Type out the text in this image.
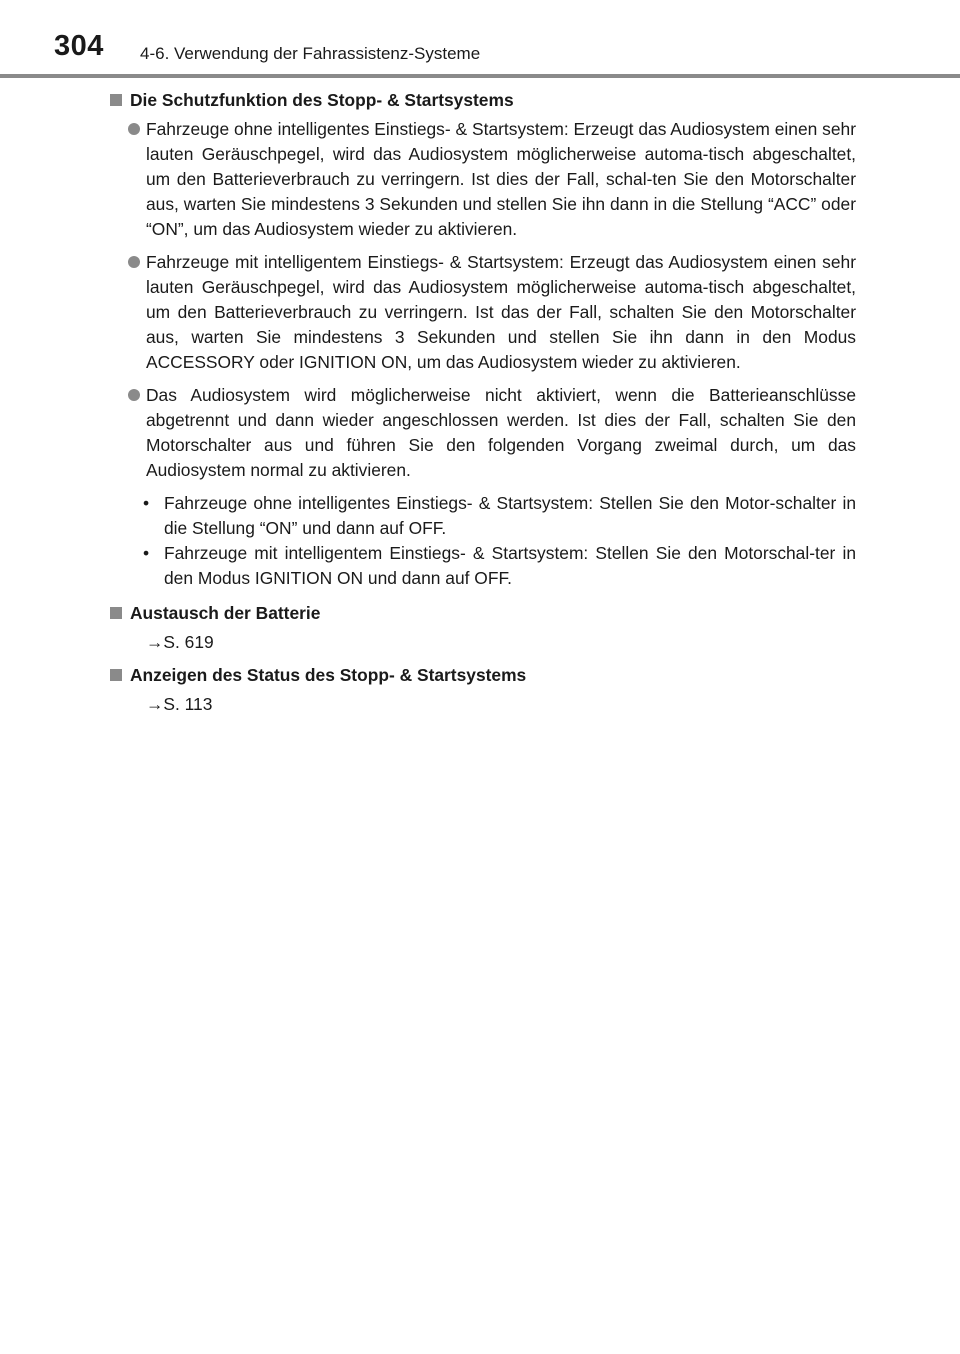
304 4-6. Verwendung der Fahrassistenz-Systeme
Die Schutzfunktion des Stopp- & Startsystems
Fahrzeuge ohne intelligentes Einstiegs- & Startsystem: Erzeugt das Audiosystem einen sehr lauten Geräuschpegel, wird das Audiosystem möglicherweise automa-tisch abgeschaltet, um den Batterieverbrauch zu verringern. Ist dies der Fall, schal-ten Sie den Motorschalter aus, warten Sie mindestens 3 Sekunden und stellen Sie ihn dann in die Stellung “ACC” oder “ON”, um das Audiosystem wieder zu aktivieren.
Fahrzeuge mit intelligentem Einstiegs- & Startsystem: Erzeugt das Audiosystem einen sehr lauten Geräuschpegel, wird das Audiosystem möglicherweise automa-tisch abgeschaltet, um den Batterieverbrauch zu verringern. Ist das der Fall, schalten Sie den Motorschalter aus, warten Sie mindestens 3 Sekunden und stellen Sie ihn dann in den Modus ACCESSORY oder IGNITION ON, um das Audiosystem wieder zu aktivieren.
Das Audiosystem wird möglicherweise nicht aktiviert, wenn die Batterieanschlüsse abgetrennt und dann wieder angeschlossen werden. Ist dies der Fall, schalten Sie den Motorschalter aus und führen Sie den folgenden Vorgang zweimal durch, um das Audiosystem normal zu aktivieren.
• Fahrzeuge ohne intelligentes Einstiegs- & Startsystem: Stellen Sie den Motor-schalter in die Stellung “ON” und dann auf OFF.
• Fahrzeuge mit intelligentem Einstiegs- & Startsystem: Stellen Sie den Motorschal-ter in den Modus IGNITION ON und dann auf OFF.
Austausch der Batterie
→S. 619
Anzeigen des Status des Stopp- & Startsystems
→S. 113
